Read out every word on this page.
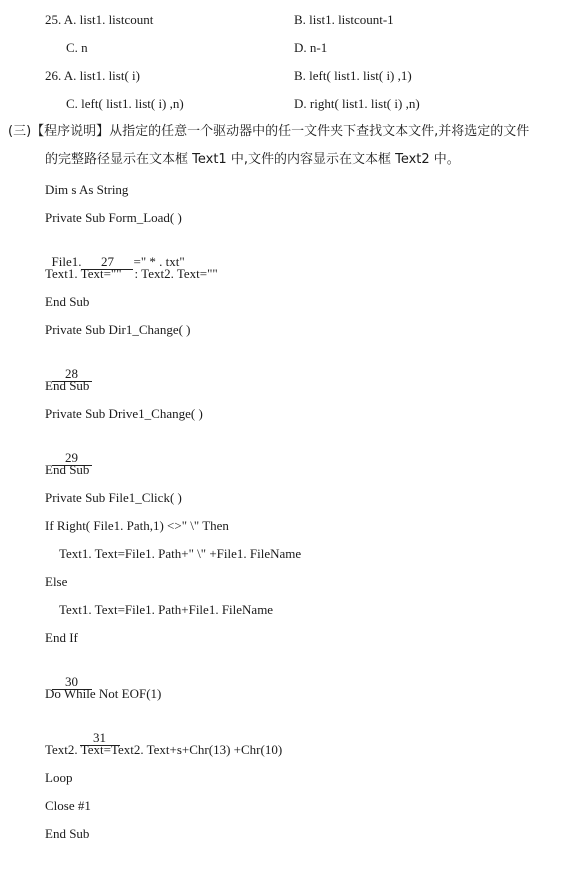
25. A. list1. listcount	B. list1. listcount-1
C. n	D. n-1
26. A. list1. list( i)	B. left( list1. list( i) ,1)
C. left( list1. list( i) ,n)	D. right( list1. list( i) ,n)
(三)【程序说明】从指定的任意一个驱动器中的任一文件夹下查找文本文件,并将选定的文件
的完整路径显示在文本框 Text1 中,文件的内容显示在文本框 Text2 中。
Dim s As String
Private Sub Form_Load( )

File1. 27 =" * . txt"

Text1. Text=""    : Text2. Text=""
End Sub
Private Sub Dir1_Change( )

28

End Sub
Private Sub Drive1_Change( )

29

End Sub
Private Sub File1_Click( )
If Right( File1. Path,1) <>" \" Then
Text1. Text=File1. Path+" \" +File1. FileName
Else
Text1. Text=File1. Path+File1. FileName
End If

30

Do While Not EOF(1)

31

Text2. Text=Text2. Text+s+Chr(13) +Chr(10)
Loop
Close #1
End Sub
